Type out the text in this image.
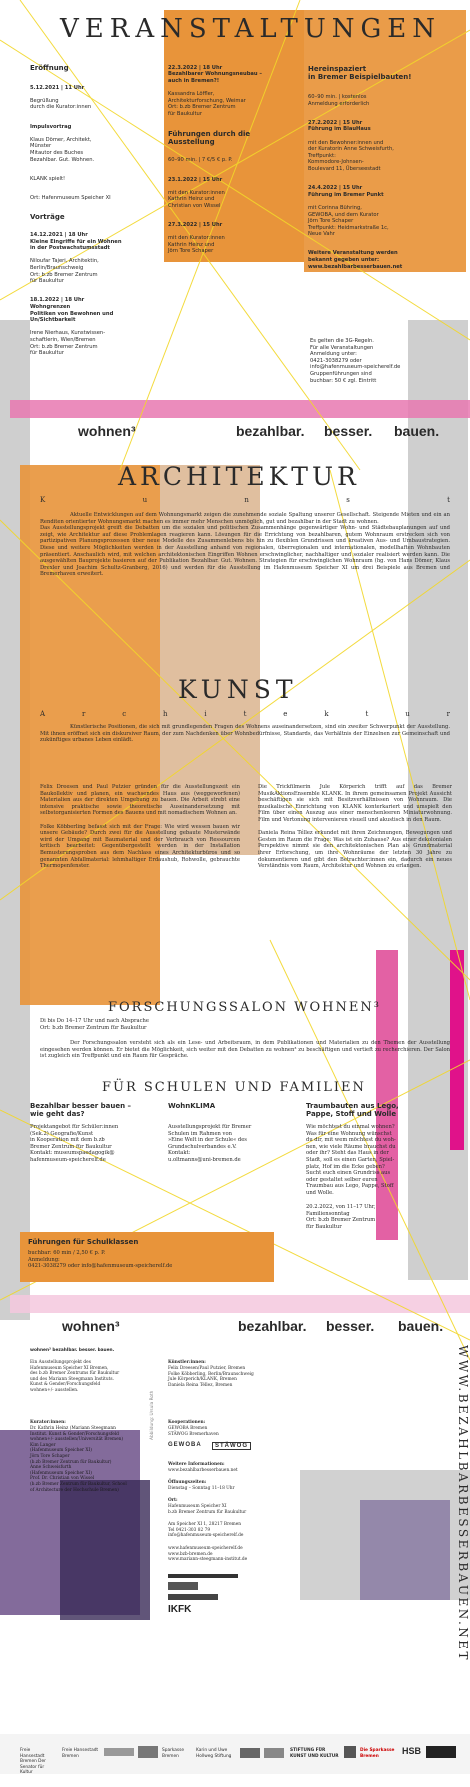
VERANSTALTUNGEN

Eröffnung

5.12.2021 | 11 Uhr

Begrüßung
durch die Kurator:innen

Impulsvortrag

Klaus Dömer, Architekt,
Münster
Mitautor des Buches
Bezahlbar. Gut. Wohnen.

KLANK spielt!

Ort: Hafenmuseum Speicher XI

Vorträge

14.12.2021 | 18 Uhr
Kleine Eingriffe für ein Wohnen
in der Postwachstumsstadt

Niloufar Tajeri, Architektin,
Berlin/Braunschweig
Ort: b.zb Bremer Zentrum
für Baukultur

18.1.2022 | 18 Uhr
Wohngrenzen
Politiken von Bewohnen und
Un/Sichtbarkeit

Irene Nierhaus, Kunstwissen-
schaftlerin, Wien/Bremen
Ort: b.zb Bremer Zentrum
für Baukultur

22.3.2022 | 18 Uhr
Bezahlbarer Wohnungsneubau –
auch in Bremen?!

Kassandra Löffler,
Architekturforschung, Weimar
Ort: b.zb Bremer Zentrum
für Baukultur

Führungen durch die
Ausstellung

60–90 min. | 7 €/5 € p. P.

23.1.2022 | 15 Uhr

mit den Kurator:innen
Kathrin Heinz und
Christian von Wissel

27.3.2022 | 15 Uhr

mit den Kurator:innen
Kathrin Heinz und
Jörn Tore Schaper

Hereinspaziert
in Bremer Beispielbauten!

60–90 min. | kostenlos
Anmeldung erforderlich

27.2.2022 | 15 Uhr
Führung im BlauHaus

mit den Bewohner:innen und
der Kuratorin Anne Schweisfurth,
Treffpunkt:
Kommodore-Johnsen-
Boulevard 11, Überseestadt

24.4.2022 | 15 Uhr
Führung im Bremer Punkt

mit Corinna Bühring,
GEWOBA, und dem Kurator
Jörn Tore Schaper
Treffpunkt: Heidmarkstraße 1c,
Neue Vahr

Weitere Veranstaltung werden
bekannt gegeben unter:
www.bezahlbarbesserbauen.net

Es gelten die 3G-Regeln.
Für alle Veranstaltungen
Anmeldung unter:
0421-3038279 oder
info@hafenmuseum-speicherelf.de
Gruppenführungen sind
buchbar: 50 € zgl. Eintritt
wohnen³	bezahlbar. besser. bauen.
ARCHITEKTUR
K	u	n	s	t
Aktuelle Entwicklungen auf dem Wohnungsmarkt zeigen die zunehmende soziale Spaltung unserer Gesellschaft. Steigende Mieten und ein an Renditen orientierter Wohnungsmarkt machen es immer mehr Menschen unmöglich, gut und bezahlbar in der Stadt zu wohnen.
Das Ausstellungsprojekt greift die Debatten um die sozialen und politischen Zusammenhänge gegenwärtiger Wohn- und Städtebauplanungen auf und zeigt, wie Architektur auf diese Problemlagen reagieren kann. Lösungen für die Errichtung von bezahlbaren, gutem Wohnraum erstrecken sich von partizipativen Planungsprozessen über neue Modelle des Zusammenlebens bis hin zu flexiblen Grundrissen und kreativen Aus- und Umbaustrategien. Diese und weitere Möglichkeiten werden in der Ausstellung anhand von regionalen, überregionalen und internationalen, modellhaften Wohnbauten präsentiert. Anschaulich wird, mit welchen architektonischen Eingriffen Wohnen erschwinglicher, nachhaltiger und sozialer realisiert werden kann. Die ausgewählten Bauprojekte basieren auf der Publikation Bezahlbar. Gut. Wohnen. Strategien für erschwinglichen Wohnraum (hg. von Hans Dömer, Klaus Drexler und Joachim Schultz-Granberg, 2016) und werden für die Ausstellung im Hafenmuseum Speicher XI um drei Beispiele aus Bremen und Bremerhaven erweitert.
KUNST
A	r	c	h	i	t	e	k	t	u	r
Künstlerische Positionen, die sich mit grundlegenden Fragen des Wohnens auseinandersetzen, sind ein zweiter Schwerpunkt der Ausstellung. Mit ihnen eröffnet sich ein diskursiver Raum, der zum Nachdenken über Wohnbedürfnisse, Standards, das Verhältnis der Einzelnen zur Gemeinschaft und zukünftiges urbanes Leben einlädt.
Felix Dreesen und Paul Putzier gründen für die Ausstellungszeit ein Baukollektiv und planen, ein wachsendes Haus aus (weggeworfenen) Materialien aus der direkten Umgebung zu bauen. Die Arbeit strebt eine intensive praktische sowie theoretische Auseinandersetzung mit selbstorganisierten Formen des Bauens und mit nomadischem Wohnen an.

Folke Köbberling befasst sich mit der Frage: Wie wird wessen bauen wir unsere Gebäude? Durch zwei für die Ausstellung gebaute Musterwände wird der Umgang mit Baumaterial und der Verbrauch von Ressourcen kritisch bearbeitet: Gegenübergestellt werden in der Installation Bemusterungsproben aus dem Nachlass eines Architekturbüros und so genannten Abfallmaterial: lehmhaltiger Erdaushub, Rohwolle, gebrauchte Thermopenfenster.
Die Trickfilmerin Jule Körperich trifft auf das Bremer MusikAktionsEnsemble KLANK. In ihrem gemeinsamen Projekt Aussicht beschäftigen sie sich mit Besitzverhältnissen von Wohnraum. Die musikalische Einrichtung von KLANK konterkariert und umspielt den Film über einen Auszug aus einer menschenleeren Miniaturwohnung. Film und Vertonung intervenieren visuell und akustisch in den Raum.

Daniela Reina Téllez erkundet mit ihren Zeichnungen, Bewegungen und Gesten im Raum die Frage: Was ist ein Zuhause? Aus einer dekolonialen Perspektive nimmt sie den architektonischen Plan als Grundmaterial ihrer Erforschung, um ihre Wohnräume der letzten 30 Jahre zu dokumentieren und gibt den Betrachter:innen ein, dadurch ein neues Verständnis vom Raum, Architektur und Wohnen zu erlangen.
FORSCHUNGSSALON WOHNEN³
Di bis Do 14–17 Uhr und nach Absprache
Ort: b.zb Bremer Zentrum für Baukultur
Der Forschungssalon versteht sich als ein Lese- und Arbeitsraum, in dem Publikationen und Materialien zu den Themen der Ausstellung eingesehen werden können. Er bietet die Möglichkeit, sich weiter mit den Debatten zu wohnen³ zu beschäftigen und vertieft zu recherchieren. Der Salon ist zugleich ein Treffpunkt und ein Raum für Gespräche.
FÜR SCHULEN UND FAMILIEN
Bezahlbar besser bauen –
wie geht das?
Projektangebot für Schüler:innen
(Sek.2) Geografie/Kunst
in Kooperation mit dem b.zb
Bremer Zentrum für Baukultur
Kontakt: museumspaedagogik@
hafenmuseum-speicherelf.de
WohnKLIMA
Ausstellungsprojekt für Bremer
Schulen im Rahmen von
»Eine Welt in der Schule« des
Grundschulverbandes e.V.
Kontakt:
u.oltmanns@uni-bremen.de
Traumbauten aus Lego,
Pappe, Stoff und Wolle
Wie möchtest du einmal wohnen?
Was für eine Wohnung wünschst
du dir, mit wem möchtest du woh-
nen, wie viele Räume brauchst du
oder ihr? Steht das Haus in der
Stadt, soll es einen Garten, Spiel-
platz, Hof im die Ecke geben?
Sucht euch einen Grundriss aus
oder gestaltet selber euren
Traumbau aus Lego, Pappe, Stoff
und Wolle.
20.2.2022, von 11–17 Uhr,
Familiensonntag
Ort: b.zb Bremer Zentrum
für Baukultur
Führungen für Schulklassen
buchbar: 60 min / 2,50 € p. P.
Anmeldung:
0421-3038279 oder info@hafenmuseum-speicherelf.de
wohnen³	bezahlbar. besser. bauen.
wohnen³ bezahlbar. besser. bauen.
Ein Ausstellungsprojekt des
Hafenmuseum Speicher XI Bremen,
des b.zb Bremer Zentrums für Baukultur
und des Mariann Steegmann Instituts.
Kunst & Gender/Forschungsfeld
wohnen+/- ausstellen.
Künstler:innen:
Felix Dreesen/Paul Putzier, Bremen
Folke Köbberling, Berlin/Braunschweig
Jule Körperich/KLANK, Bremen
Daniela Reina Téllez, Bremen
Kurator:innen:
Dr. Kathrin Heinz (Mariann Steegmann
Institut. Kunst & Gender/Forschungsfeld
wohnen+/- ausstellen/Universität Bremen)
Kim Langer
(Hafenmuseum Speicher XI)
Jörn Tore Schaper
(b.zb Bremer Zentrum für Baukultur)
Anne Schweisfurth
(Hafenmuseum Speicher XI)
Prof. Dr. Christian von Wissel
(b.zb Bremer Zentrum für Baukultur, School
of Architecture der Hochschule Bremen)
Abbildung: Ursula Roth	Kooperationen:
GEWOBA Bremen
STÄWOG Bremerhaven
GEWOBA	STÄWOG
Weitere Informationen:
www.bezahlbarbesserbauen.net
Öffnungszeiten:
Dienstag – Sonntag 11–18 Uhr
Ort:
Hafenmuseum Speicher XI
b.zb Bremer Zentrum für Baukultur
Am Speicher XI 1, 28217 Bremen
Tel 0421-303 82 79
info@hafenmuseum-speicherelf.de
www.hafenmuseum-speicherelf.de
www.bzb-bremen.de
www.mariann-steegmann-institut.de
IKFK	WWW.BEZAHLBARBESSERBAUEN.NET
Freie Hansestadt Bremen Der Senator für Kultur
Freie Hansestadt Bremen
Sparkasse Bremen
Karin und Uwe Hollweg Stiftung
STIFTUNG FÜR KUNST UND KULTUR
Die Sparkasse Bremen
HSB
